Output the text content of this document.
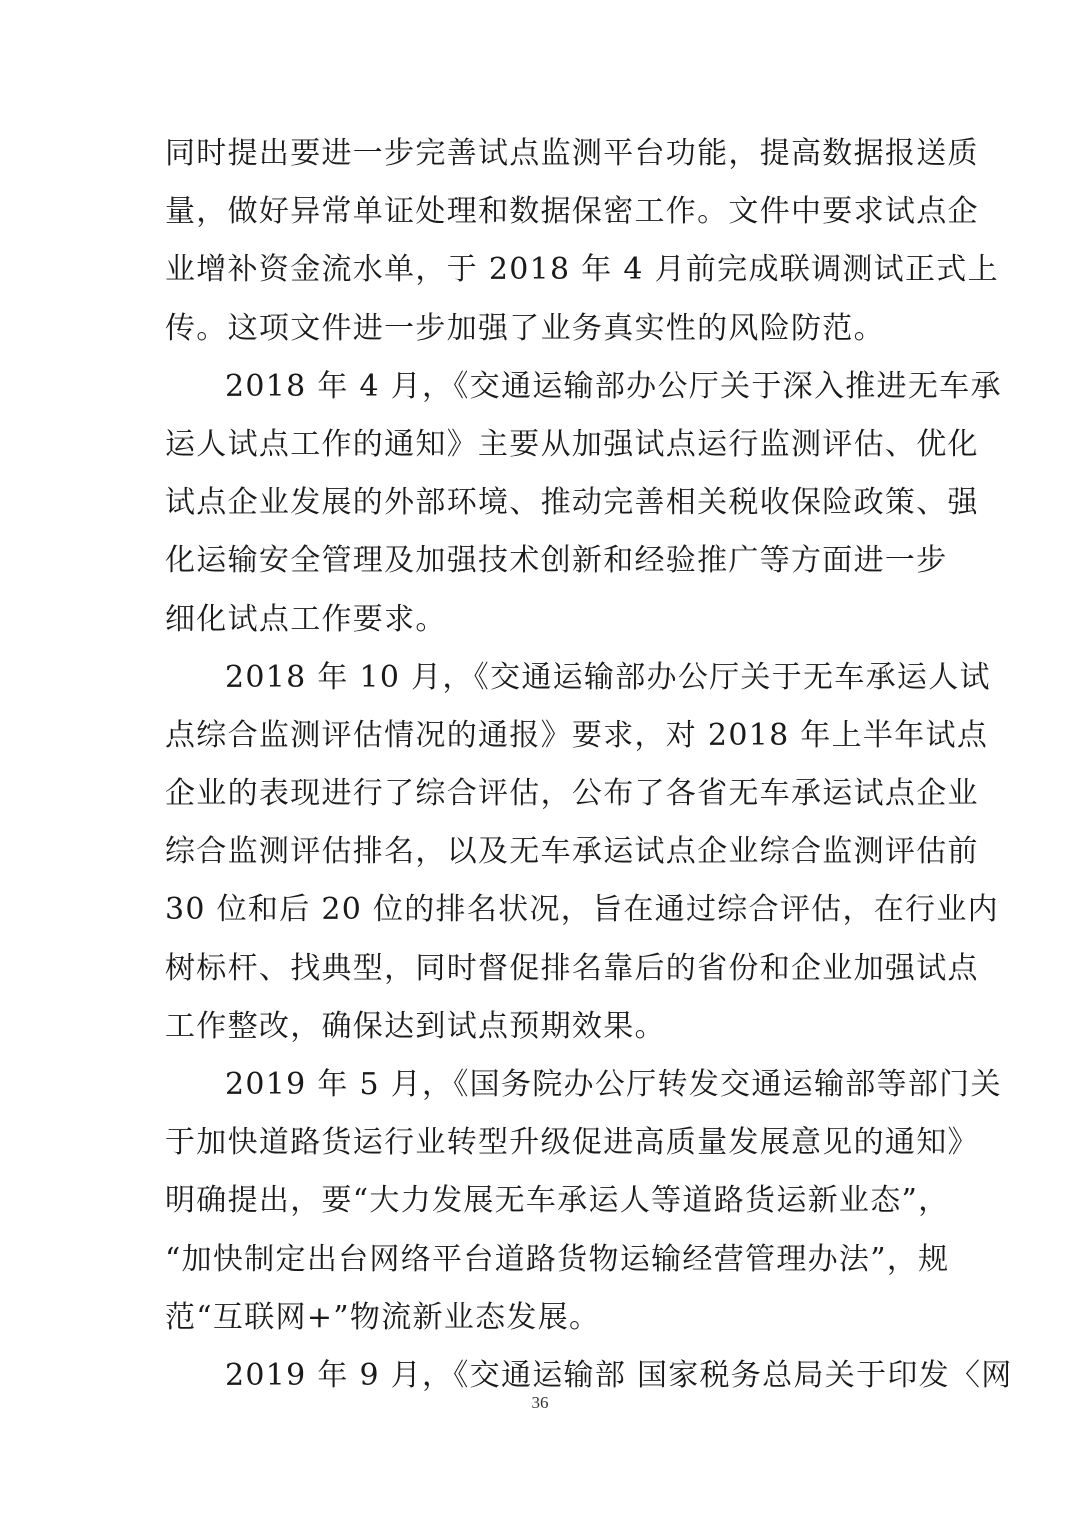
同时提出要进一步完善试点监测平台功能，提高数据报送质
量，做好异常单证处理和数据保密工作。文件中要求试点企
业增补资金流水单，于 2018 年 4 月前完成联调测试正式上
传。这项文件进一步加强了业务真实性的风险防范。
2018 年 4 月，《交通运输部办公厅关于深入推进无车承
运人试点工作的通知》主要从加强试点运行监测评估、优化
试点企业发展的外部环境、推动完善相关税收保险政策、强
化运输安全管理及加强技术创新和经验推广等方面进一步
细化试点工作要求。
2018 年 10 月，《交通运输部办公厅关于无车承运人试
点综合监测评估情况的通报》要求，对 2018 年上半年试点
企业的表现进行了综合评估，公布了各省无车承运试点企业
综合监测评估排名，以及无车承运试点企业综合监测评估前
30 位和后 20 位的排名状况，旨在通过综合评估，在行业内
树标杆、找典型，同时督促排名靠后的省份和企业加强试点
工作整改，确保达到试点预期效果。
2019 年 5 月，《国务院办公厅转发交通运输部等部门关
于加快道路货运行业转型升级促进高质量发展意见的通知》
明确提出，要“大力发展无车承运人等道路货运新业态”，
“加快制定出台网络平台道路货物运输经营管理办法”，规
范“互联网+”物流新业态发展。
2019 年 9 月，《交通运输部 国家税务总局关于印发〈网
36
